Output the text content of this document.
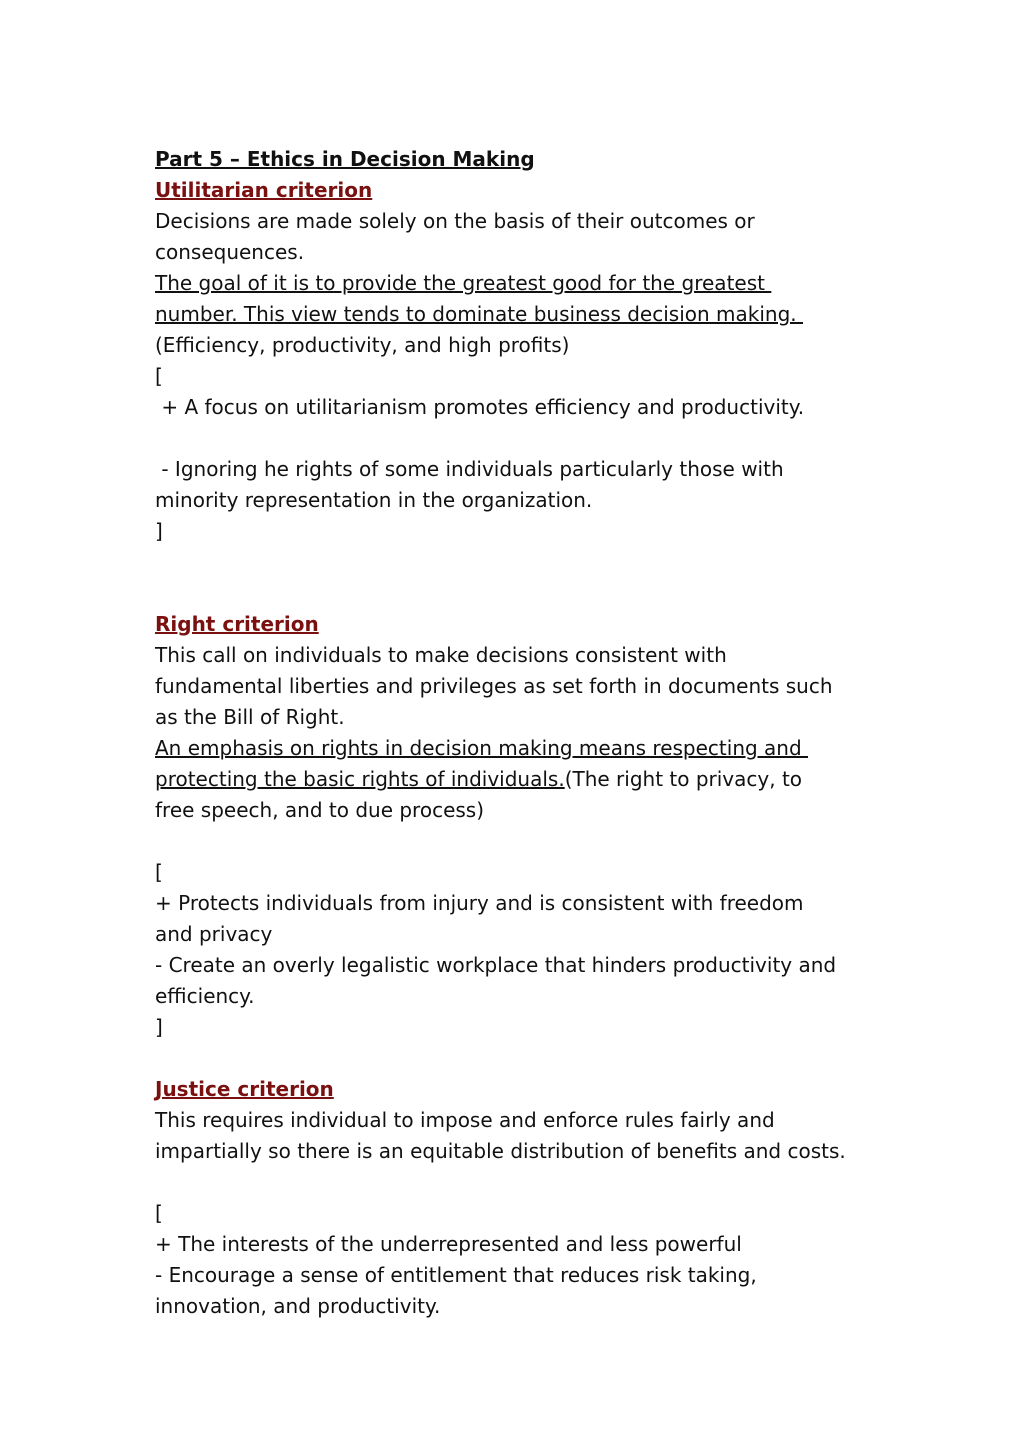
Part 5 – Ethics in Decision Making
Utilitarian criterion
Decisions are made solely on the basis of their outcomes or
consequences.
The goal of it is to provide the greatest good for the greatest
number. This view tends to dominate business decision making.
(Efficiency, productivity, and high profits)
[
+ A focus on utilitarianism promotes efficiency and productivity.
- Ignoring he rights of some individuals particularly those with
minority representation in the organization.
]
Right criterion
This call on individuals to make decisions consistent with
fundamental liberties and privileges as set forth in documents such
as the Bill of Right.
An emphasis on rights in decision making means respecting and
protecting the basic rights of individuals.(The right to privacy, to
free speech, and to due process)
[
+ Protects individuals from injury and is consistent with freedom
and privacy
- Create an overly legalistic workplace that hinders productivity and
efficiency.
]
Justice criterion
This requires individual to impose and enforce rules fairly and
impartially so there is an equitable distribution of benefits and costs.
[
+ The interests of the underrepresented and less powerful
- Encourage a sense of entitlement that reduces risk taking,
innovation, and productivity.
